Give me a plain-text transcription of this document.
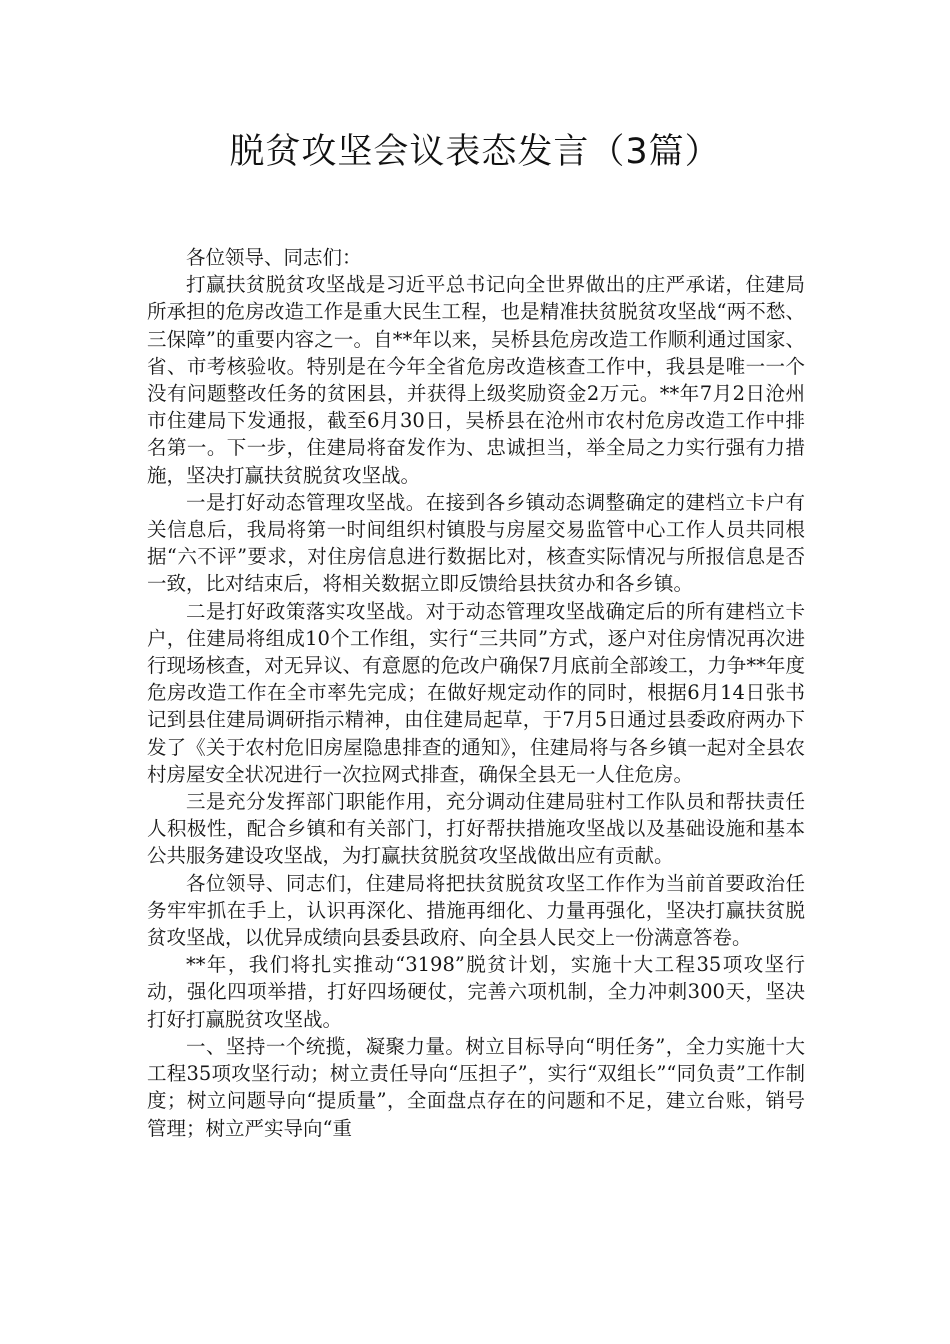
脱贫攻坚会议表态发言（3篇）

各位领导、同志们：

打赢扶贫脱贫攻坚战是习近平总书记向全世界做出的庄严承诺，住建局所承担的危房改造工作是重大民生工程，也是精准扶贫脱贫攻坚战“两不愁、三保障”的重要内容之一。自**年以来，吴桥县危房改造工作顺利通过国家、省、市考核验收。特别是在今年全省危房改造核查工作中，我县是唯一一个没有问题整改任务的贫困县，并获得上级奖励资金2万元。**年7月2日沧州市住建局下发通报，截至6月30日，吴桥县在沧州市农村危房改造工作中排名第一。下一步，住建局将奋发作为、忠诚担当，举全局之力实行强有力措施，坚决打赢扶贫脱贫攻坚战。

一是打好动态管理攻坚战。在接到各乡镇动态调整确定的建档立卡户有关信息后，我局将第一时间组织村镇股与房屋交易监管中心工作人员共同根据“六不评”要求，对住房信息进行数据比对，核查实际情况与所报信息是否一致，比对结束后，将相关数据立即反馈给县扶贫办和各乡镇。

二是打好政策落实攻坚战。对于动态管理攻坚战确定后的所有建档立卡户，住建局将组成10个工作组，实行“三共同”方式，逐户对住房情况再次进行现场核查，对无异议、有意愿的危改户确保7月底前全部竣工，力争**年度危房改造工作在全市率先完成；在做好规定动作的同时，根据6月14日张书记到县住建局调研指示精神，由住建局起草，于7月5日通过县委政府两办下发了《关于农村危旧房屋隐患排查的通知》，住建局将与各乡镇一起对全县农村房屋安全状况进行一次拉网式排查，确保全县无一人住危房。

三是充分发挥部门职能作用，充分调动住建局驻村工作队员和帮扶责任人积极性，配合乡镇和有关部门，打好帮扶措施攻坚战以及基础设施和基本公共服务建设攻坚战，为打赢扶贫脱贫攻坚战做出应有贡献。

各位领导、同志们，住建局将把扶贫脱贫攻坚工作作为当前首要政治任务牢牢抓在手上，认识再深化、措施再细化、力量再强化，坚决打赢扶贫脱贫攻坚战，以优异成绩向县委县政府、向全县人民交上一份满意答卷。

**年，我们将扎实推动“3198”脱贫计划，实施十大工程35项攻坚行动，强化四项举措，打好四场硬仗，完善六项机制，全力冲刺300天，坚决打好打赢脱贫攻坚战。

一、坚持一个统揽，凝聚力量。树立目标导向“明任务”，全力实施十大工程35项攻坚行动；树立责任导向“压担子”，实行“双组长”“同负责”工作制度；树立问题导向“提质量”，全面盘点存在的问题和不足，建立台账，销号管理；树立严实导向“重
